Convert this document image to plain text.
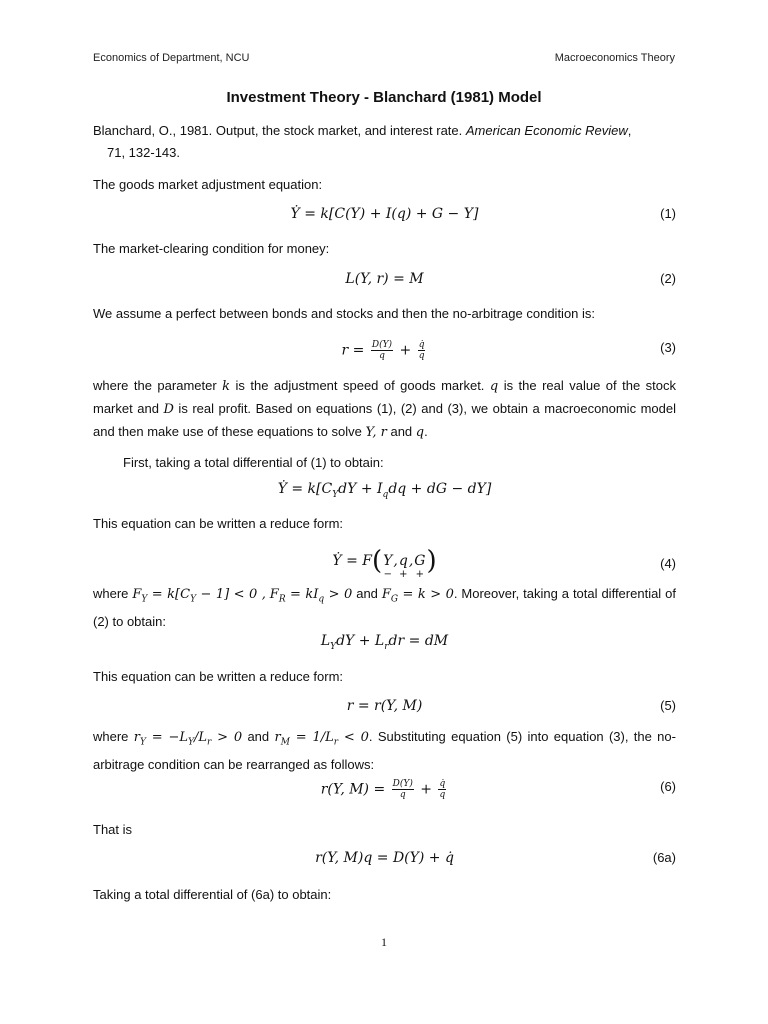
Economics of Department, NCU	Macroeconomics Theory
Investment Theory - Blanchard (1981) Model
Blanchard, O., 1981. Output, the stock market, and interest rate. American Economic Review,
71, 132-143.
The goods market adjustment equation:
Ẏ = k[C(Y) + I(q) + G − Y]	(1)
The market-clearing condition for money:
L(Y, r) = M	(2)
We assume a perfect between bonds and stocks and then the no-arbitrage condition is:
$r = \frac{D(Y)}{q} + \frac{q̇}{q}$	(3)
where the parameter k is the adjustment speed of goods market. q is the real value of the stock market and D is real profit. Based on equations (1), (2) and (3), we obtain a macroeconomic model and then make use of these equations to solve Y, r and q.
First, taking a total differential of (1) to obtain:
Ẏ = $k[C_YdY + I_qdq$ + dG − dY]
This equation can be written a reduce form:
Ẏ = F(Y
−
,q
+
,G
+ )	(4)
where $F_Y = k[C_Y - 1] < 0$ , $F_R = kI_q > 0$ and $F_G = k > 0$. Moreover, taking a total differential of (2) to obtain:
$L_YdY + L_rdr$ = dM
This equation can be written a reduce form:
r = r(Y, M)	(5)
where $r_Y = -L_Y/L_r > 0$ and $r_M = 1/L_r < 0$. Substituting equation (5) into equation (3), the no-arbitrage condition can be rearranged as follows:
r(Y, $M) = \frac{D(Y)}{q} + \frac{q̇}{q}$	(6)
That is
r(Y, M)q = D(Y) + q̇	(6a)
Taking a total differential of (6a) to obtain:
1
